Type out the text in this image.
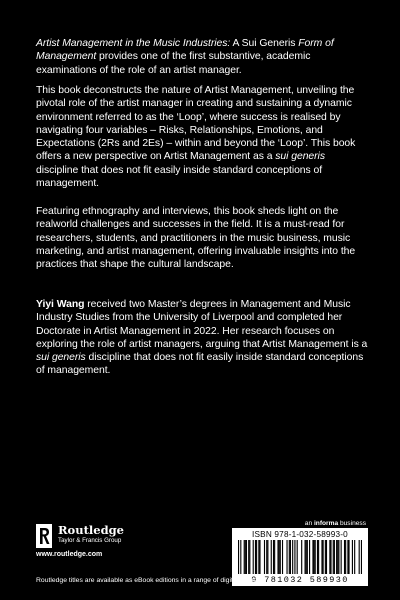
Artist Management in the Music Industries: A Sui Generis Form of Management provides one of the first substantive, academic examinations of the role of an artist manager.

This book deconstructs the nature of Artist Management, unveiling the pivotal role of the artist manager in creating and sustaining a dynamic environment referred to as the ‘Loop’, where success is realised by navigating four variables – Risks, Relationships, Emotions, and Expectations (2Rs and 2Es) – within and beyond the ‘Loop’. This book offers a new perspective on Artist Management as a sui generis discipline that does not fit easily inside standard conceptions of management.

Featuring ethnography and interviews, this book sheds light on the realworld challenges and successes in the field. It is a must-read for researchers, students, and practitioners in the music business, music marketing, and artist management, offering invaluable insights into the practices that shape the cultural landscape.

Yiyi Wang received two Master’s degrees in Management and Music Industry Studies from the University of Liverpool and completed her Doctorate in Artist Management in 2022. Her research focuses on exploring the role of artist managers, arguing that Artist Management is a sui generis discipline that does not fit easily inside standard conceptions of management.

Routledge
Taylor & Francis Group
www.routledge.com
an informa business
ISBN 978-1-032-58993-0
9 781032 589930
Routledge titles are available as eBook editions in a range of digital formats
